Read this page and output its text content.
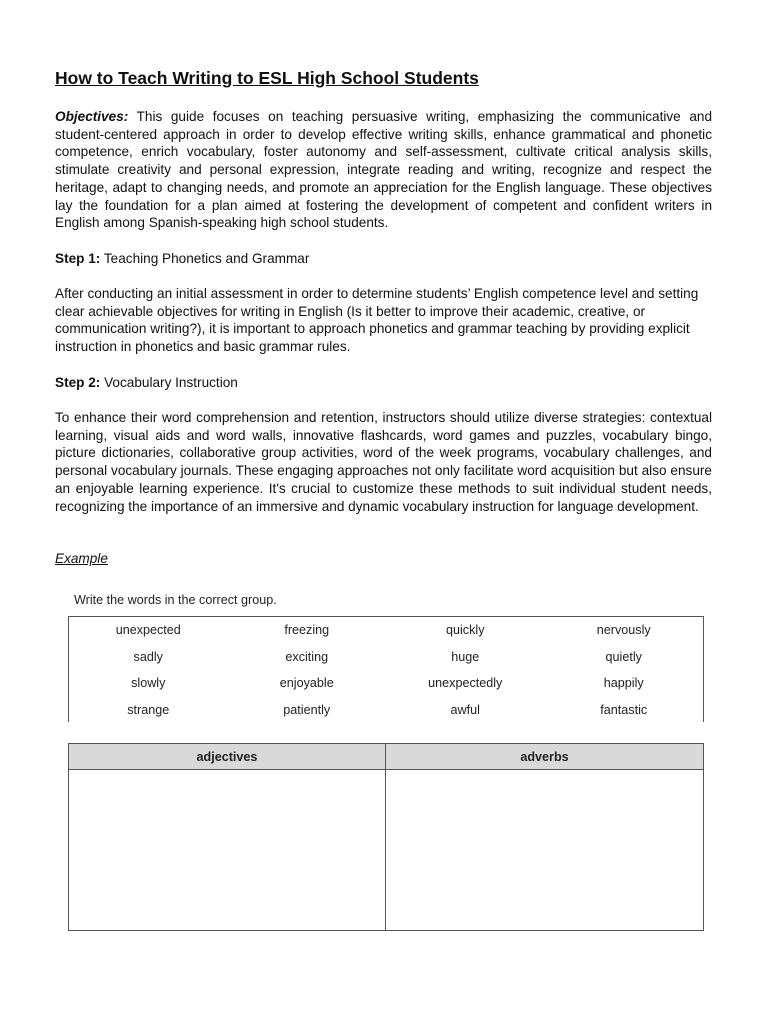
How to Teach Writing to ESL High School Students

Objectives: This guide focuses on teaching persuasive writing, emphasizing the communicative and student-centered approach in order to develop effective writing skills, enhance grammatical and phonetic competence, enrich vocabulary, foster autonomy and self-assessment, cultivate critical analysis skills, stimulate creativity and personal expression, integrate reading and writing, recognize and respect the heritage, adapt to changing needs, and promote an appreciation for the English language. These objectives lay the foundation for a plan aimed at fostering the development of competent and confident writers in English among Spanish-speaking high school students.

Step 1: Teaching Phonetics and Grammar

After conducting an initial assessment in order to determine students’ English competence level and setting clear achievable objectives for writing in English (Is it better to improve their academic, creative, or communication writing?), it is important to approach phonetics and grammar teaching by providing explicit instruction in phonetics and basic grammar rules.

Step 2: Vocabulary Instruction

To enhance their word comprehension and retention, instructors should utilize diverse strategies: contextual learning, visual aids and word walls, innovative flashcards, word games and puzzles, vocabulary bingo, picture dictionaries, collaborative group activities, word of the week programs, vocabulary challenges, and personal vocabulary journals. These engaging approaches not only facilitate word acquisition but also ensure an enjoyable learning experience. It's crucial to customize these methods to suit individual student needs, recognizing the importance of an immersive and dynamic vocabulary instruction for language development.

Example

Write the words in the correct group.

unexpected	freezing	quickly	nervously
sadly	exciting	huge	quietly
slowly	enjoyable	unexpectedly	happily
strange	patiently	awful	fantastic
adjectives	adverbs
